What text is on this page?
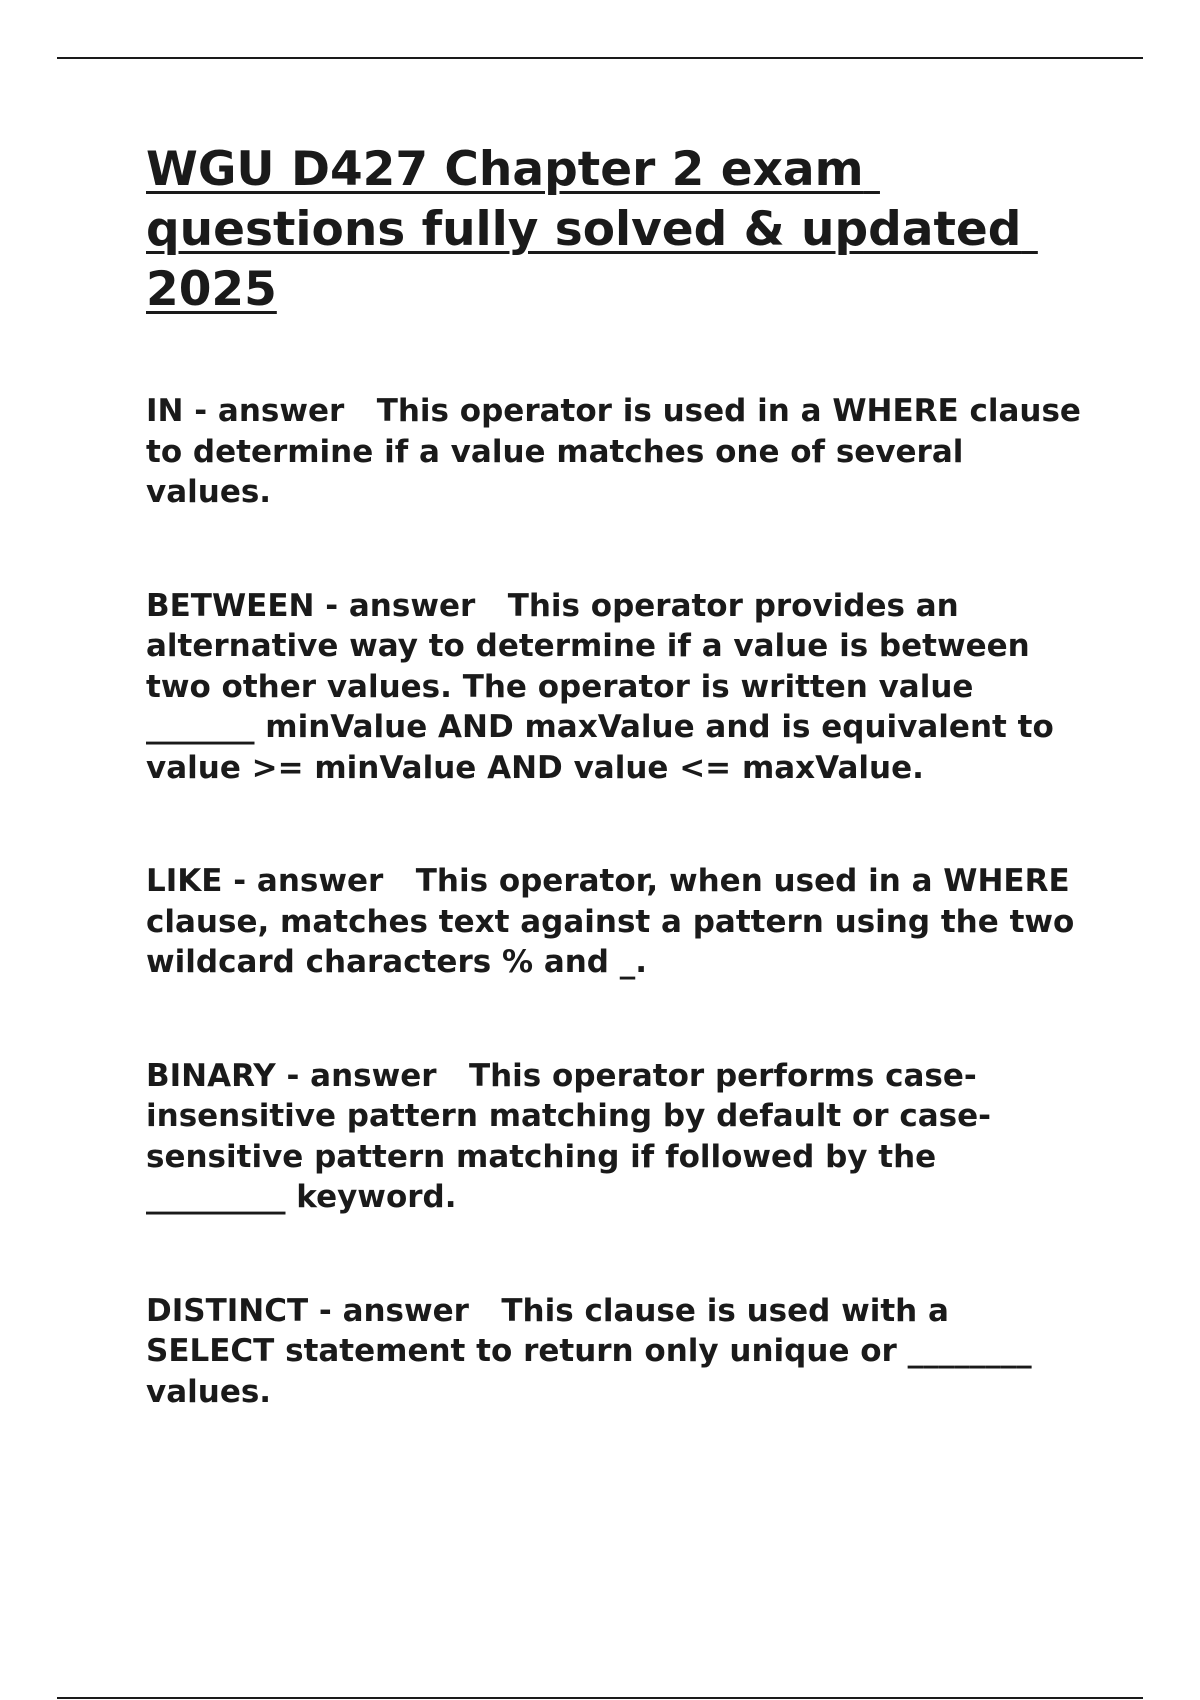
WGU D427 Chapter 2 exam questions fully solved & updated 2025

IN - answer This operator is used in a WHERE clause to determine if a value matches one of several values.

BETWEEN - answer This operator provides an alternative way to determine if a value is between two other values. The operator is written value _______ minValue AND maxValue and is equivalent to value >= minValue AND value <= maxValue.

LIKE - answer This operator, when used in a WHERE clause, matches text against a pattern using the two wildcard characters % and _.

BINARY - answer This operator performs case-insensitive pattern matching by default or case-sensitive pattern matching if followed by the _________ keyword.

DISTINCT - answer This clause is used with a SELECT statement to return only unique or ________ values.
